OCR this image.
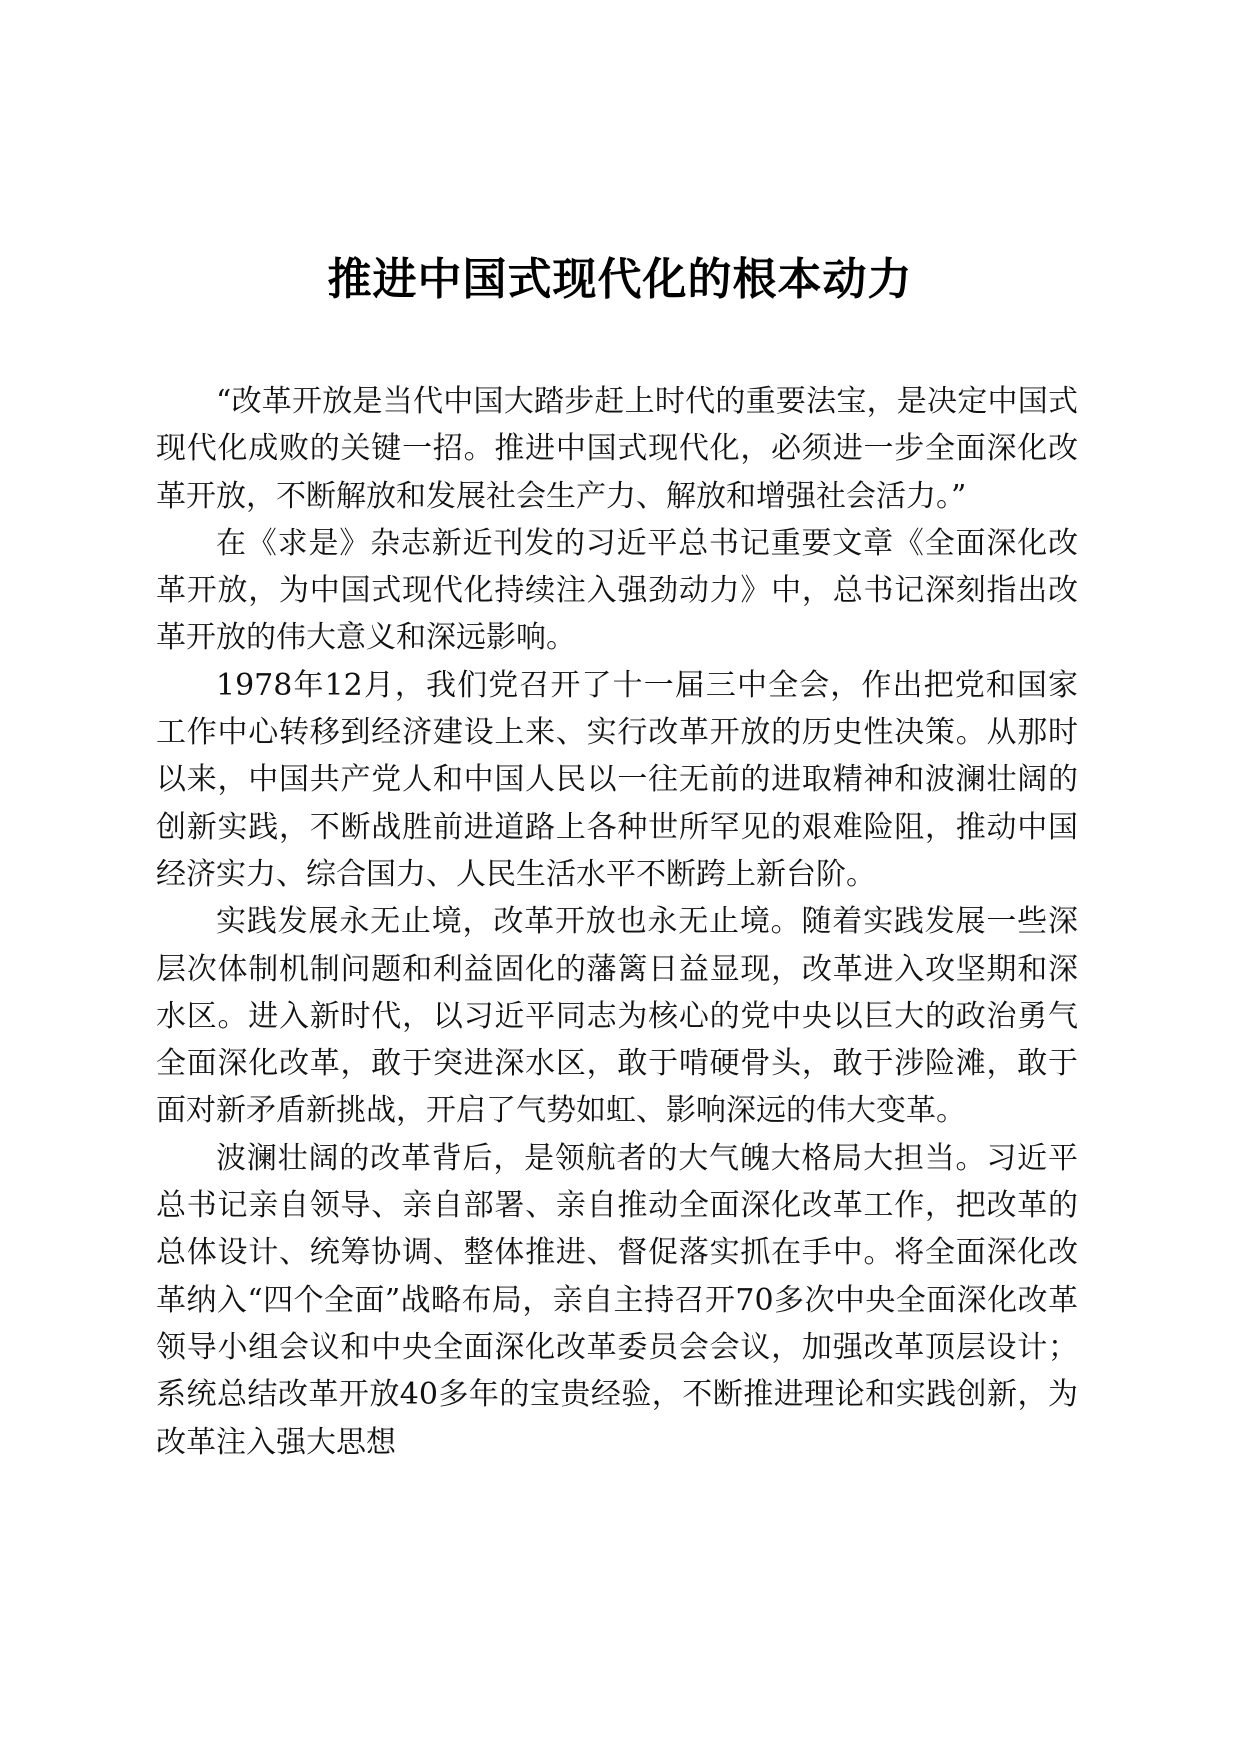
推进中国式现代化的根本动力

“改革开放是当代中国大踏步赶上时代的重要法宝，是决定中国式现代化成败的关键一招。推进中国式现代化，必须进一步全面深化改革开放，不断解放和发展社会生产力、解放和增强社会活力。”

在《求是》杂志新近刊发的习近平总书记重要文章《全面深化改革开放，为中国式现代化持续注入强劲动力》中，总书记深刻指出改革开放的伟大意义和深远影响。

1978年12月，我们党召开了十一届三中全会，作出把党和国家工作中心转移到经济建设上来、实行改革开放的历史性决策。从那时以来，中国共产党人和中国人民以一往无前的进取精神和波澜壮阔的创新实践，不断战胜前进道路上各种世所罕见的艰难险阻，推动中国经济实力、综合国力、人民生活水平不断跨上新台阶。

实践发展永无止境，改革开放也永无止境。随着实践发展一些深层次体制机制问题和利益固化的藩篱日益显现，改革进入攻坚期和深水区。进入新时代，以习近平同志为核心的党中央以巨大的政治勇气全面深化改革，敢于突进深水区，敢于啃硬骨头，敢于涉险滩，敢于面对新矛盾新挑战，开启了气势如虹、影响深远的伟大变革。

波澜壮阔的改革背后，是领航者的大气魄大格局大担当。习近平总书记亲自领导、亲自部署、亲自推动全面深化改革工作，把改革的总体设计、统筹协调、整体推进、督促落实抓在手中。将全面深化改革纳入“四个全面”战略布局，亲自主持召开70多次中央全面深化改革领导小组会议和中央全面深化改革委员会会议，加强改革顶层设计；系统总结改革开放40多年的宝贵经验，不断推进理论和实践创新，为改革注入强大思想
